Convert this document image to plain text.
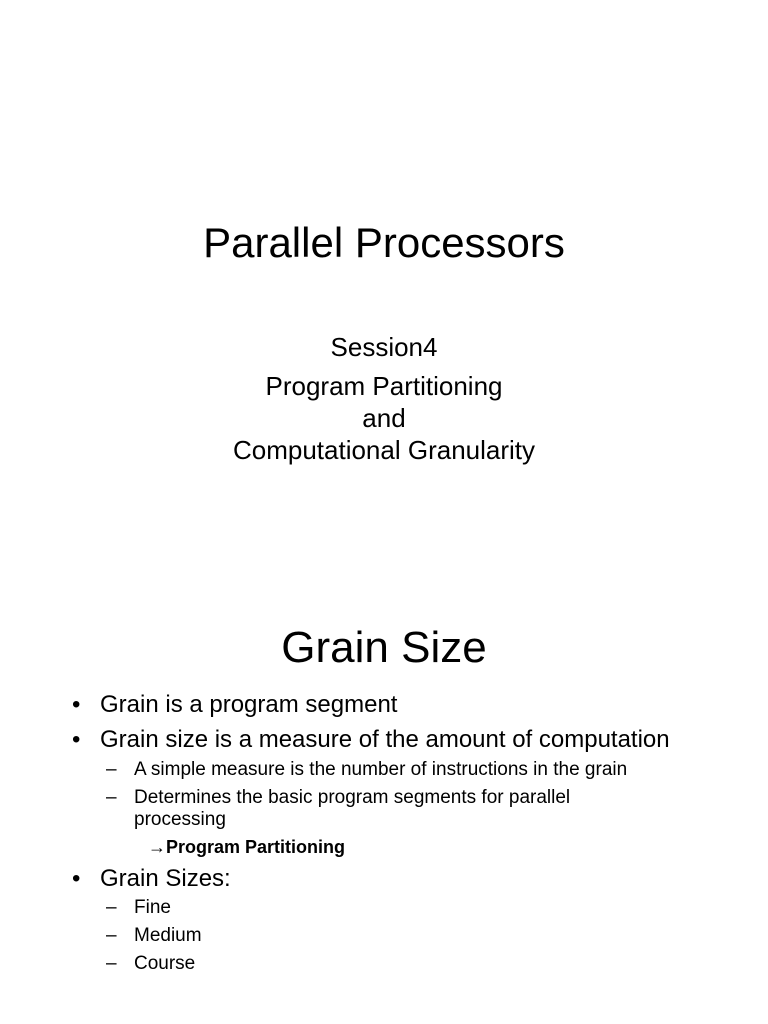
Parallel Processors
Session4
Program Partitioning
and
Computational Granularity
Grain Size
• Grain is a program segment
• Grain size is a measure of the amount of computation
– A simple measure is the number of instructions in the grain
– Determines the basic program segments for parallel
processing
→Program Partitioning
• Grain Sizes:
– Fine
– Medium
– Course
